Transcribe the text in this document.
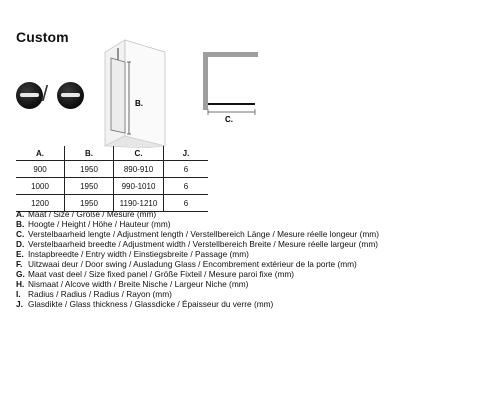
Custom
/	B.
C.
A.	B.	C.	J.
900	1950	890-910	6
1000	1950	990-1010	6
1200	1950	1190-1210	6
A. Maat / Size / Größe / Mesure (mm)
B. Hoogte / Height / Höhe / Hauteur (mm)
C. Verstelbaarheid lengte / Adjustment length / Verstellbereich Länge / Mesure réelle longeur (mm)
D. Verstelbaarheid breedte / Adjustment width / Verstellbereich Breite / Mesure réelle largeur (mm)
E. Instapbreedte / Entry width / Einstiegsbreite / Passage (mm)
F. Uitzwaai deur / Door swing / Ausladung Glass / Encombrement extérieur de la porte (mm)
G. Maat vast deel / Size fixed panel / Größe Fixteil / Mesure paroi fixe (mm)
H. Nismaat / Alcove width / Breite Nische / Largeur Niche (mm)
I. Radius / Radius / Radius / Rayon (mm)
J. Glasdikte / Glass thickness / Glassdicke / Épaisseur du verre (mm)
